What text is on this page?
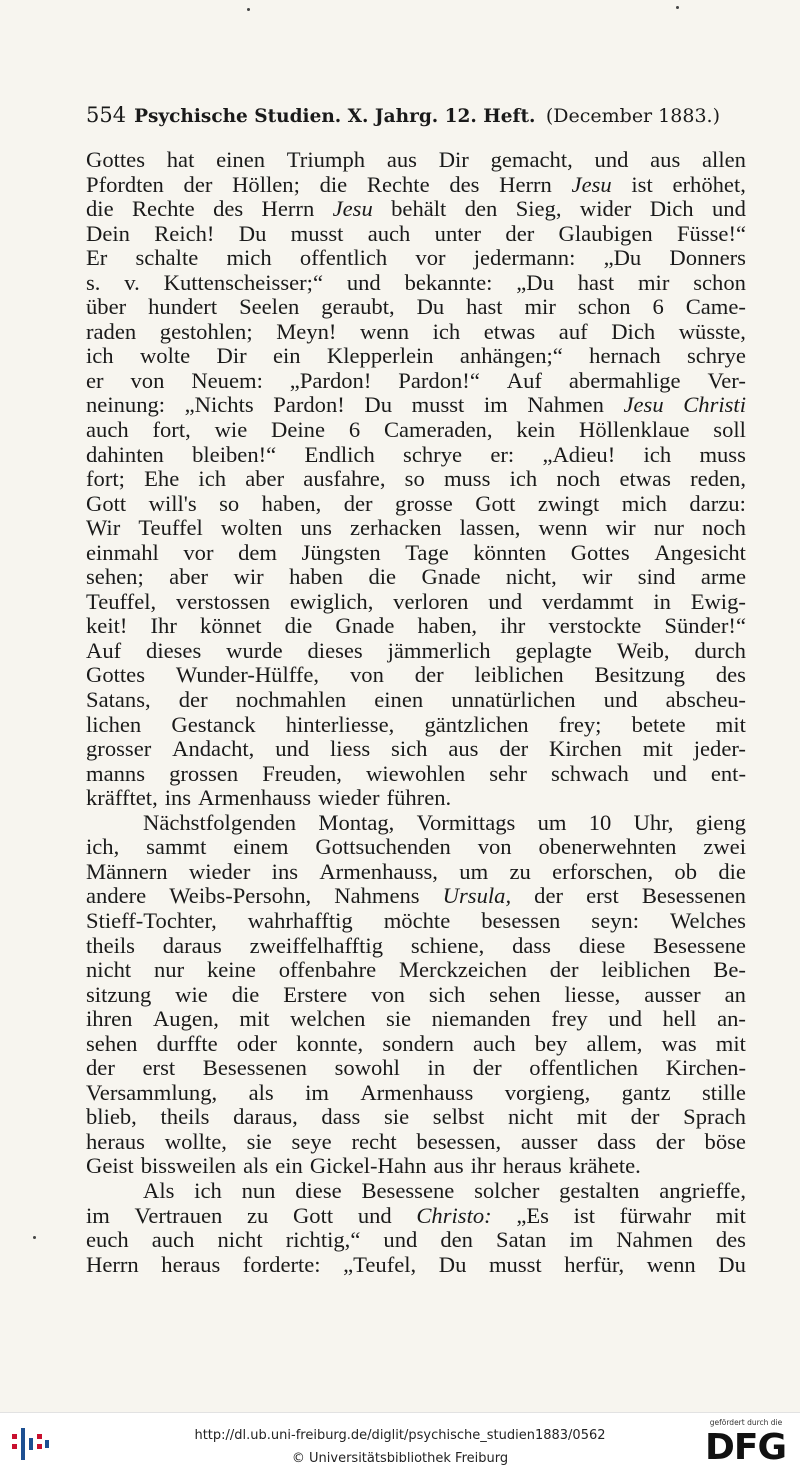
554 Psychische Studien. X. Jahrg. 12. Heft. (December 1883.)
Gottes hat einen Triumph aus Dir gemacht, und aus allen
Pfordten der Höllen; die Rechte des Herrn Jesu ist erhöhet,
die Rechte des Herrn Jesu behält den Sieg, wider Dich und
Dein Reich! Du musst auch unter der Glaubigen Füsse!“
Er schalte mich offentlich vor jedermann: „Du Donners
s. v. Kuttenscheisser;“ und bekannte: „Du hast mir schon
über hundert Seelen geraubt, Du hast mir schon 6 Came-
raden gestohlen; Meyn! wenn ich etwas auf Dich wüsste,
ich wolte Dir ein Klepperlein anhängen;“ hernach schrye
er von Neuem: „Pardon! Pardon!“ Auf abermahlige Ver-
neinung: „Nichts Pardon! Du musst im Nahmen Jesu Christi
auch fort, wie Deine 6 Cameraden, kein Höllenklaue soll
dahinten bleiben!“ Endlich schrye er: „Adieu! ich muss
fort; Ehe ich aber ausfahre, so muss ich noch etwas reden,
Gott will's so haben, der grosse Gott zwingt mich darzu:
Wir Teuffel wolten uns zerhacken lassen, wenn wir nur noch
einmahl vor dem Jüngsten Tage könnten Gottes Angesicht
sehen; aber wir haben die Gnade nicht, wir sind arme
Teuffel, verstossen ewiglich, verloren und verdammt in Ewig-
keit! Ihr könnet die Gnade haben, ihr verstockte Sünder!“
Auf dieses wurde dieses jämmerlich geplagte Weib, durch
Gottes Wunder-Hülffe, von der leiblichen Besitzung des
Satans, der nochmahlen einen unnatürlichen und abscheu-
lichen Gestanck hinterliesse, gäntzlichen frey; betete mit
grosser Andacht, und liess sich aus der Kirchen mit jeder-
manns grossen Freuden, wiewohlen sehr schwach und ent-
kräfftet, ins Armenhauss wieder führen.
Nächstfolgenden Montag, Vormittags um 10 Uhr, gieng
ich, sammt einem Gottsuchenden von obenerwehnten zwei
Männern wieder ins Armenhauss, um zu erforschen, ob die
andere Weibs-Persohn, Nahmens Ursula, der erst Besessenen
Stieff-Tochter, wahrhafftig möchte besessen seyn: Welches
theils daraus zweiffelhafftig schiene, dass diese Besessene
nicht nur keine offenbahre Merckzeichen der leiblichen Be-
sitzung wie die Erstere von sich sehen liesse, ausser an
ihren Augen, mit welchen sie niemanden frey und hell an-
sehen durffte oder konnte, sondern auch bey allem, was mit
der erst Besessenen sowohl in der offentlichen Kirchen-
Versammlung, als im Armenhauss vorgieng, gantz stille
blieb, theils daraus, dass sie selbst nicht mit der Sprach
heraus wollte, sie seye recht besessen, ausser dass der böse
Geist bissweilen als ein Gickel-Hahn aus ihr heraus krähete.
Als ich nun diese Besessene solcher gestalten angrieffe,
im Vertrauen zu Gott und Christo: „Es ist fürwahr mit
euch auch nicht richtig,“ und den Satan im Nahmen des
Herrn heraus forderte: „Teufel, Du musst herfür, wenn Du
http://dl.ub.uni-freiburg.de/diglit/psychische_studien1883/0562
© Universitätsbibliothek Freiburg
gefördert durch die
DFG
